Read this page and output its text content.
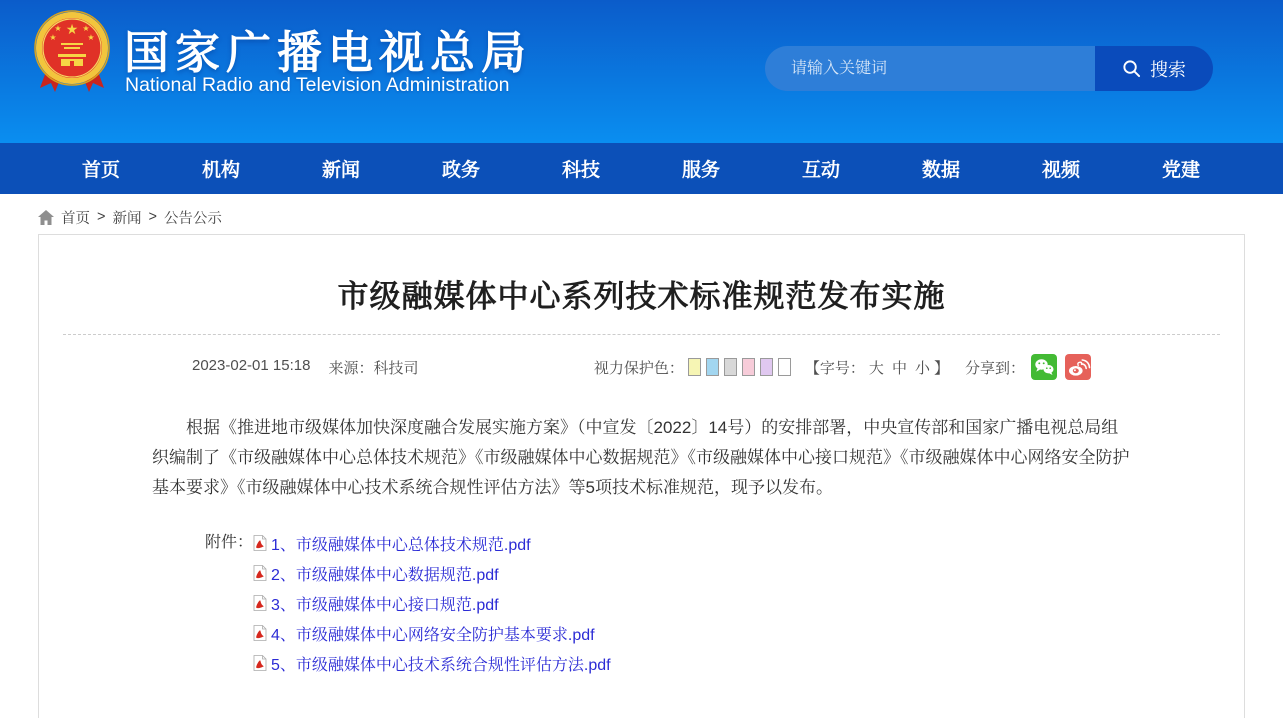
★
★	★
★	★ 国家广播电视总局
National Radio and Television Administration
请输入关键词
搜索
首页	机构	新闻	政务	科技	服务	互动	数据	视频	党建
首页 > 新闻 > 公告公示
市级融媒体中心系列技术标准规范发布实施
2023-02-01 15:18 来源：科技司	视力保护色：	【字号： 大 中 小 】 分享到：

根据《推进地市级媒体加快深度融合发展实施方案》（中宣发〔2022〕14号）的安排部署，中央宣传部和国家广播电视总局组织编制了《市级融媒体中心总体技术规范》《市级融媒体中心数据规范》《市级融媒体中心接口规范》《市级融媒体中心网络安全防护基本要求》《市级融媒体中心技术系统合规性评估方法》等5项技术标准规范，现予以发布。

附件： 1、市级融媒体中心总体技术规范.pdf
2、市级融媒体中心数据规范.pdf
3、市级融媒体中心接口规范.pdf
4、市级融媒体中心网络安全防护基本要求.pdf
5、市级融媒体中心技术系统合规性评估方法.pdf
